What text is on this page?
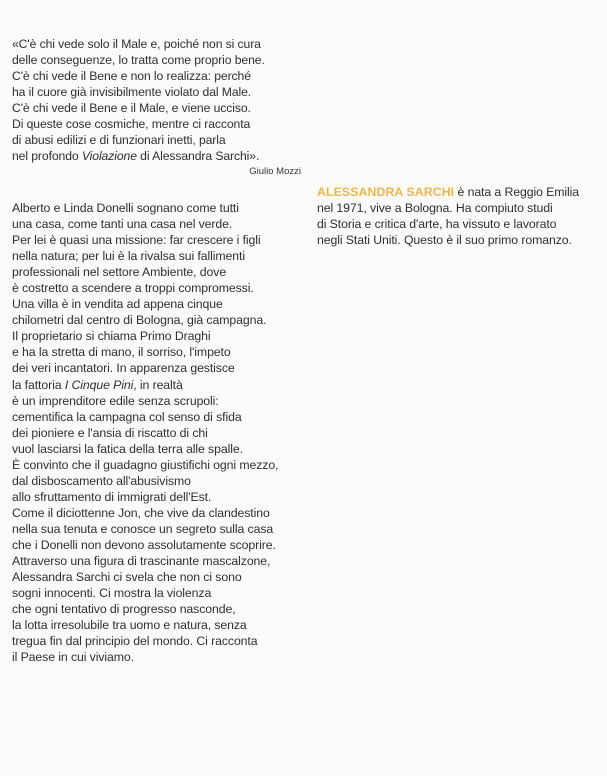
«C'è chi vede solo il Male e, poiché non si cura
delle conseguenze, lo tratta come proprio bene.
C'è chi vede il Bene e non lo realizza: perché
ha il cuore già invisibilmente violato dal Male.
C'è chi vede il Bene e il Male, e viene ucciso.
Di queste cose cosmiche, mentre ci racconta
di abusi edilizi e di funzionari inetti, parla
nel profondo Violazione di Alessandra Sarchi».
Giulio Mozzi
Alberto e Linda Donelli sognano come tutti
una casa, come tanti una casa nel verde.
Per lei è quasi una missione: far crescere i figli
nella natura; per lui è la rivalsa sui fallimenti
professionali nel settore Ambiente, dove
è costretto a scendere a troppi compromessi.
Una villa è in vendita ad appena cinque
chilometri dal centro di Bologna, già campagna.
Il proprietario si chiama Primo Draghi
e ha la stretta di mano, il sorriso, l'impeto
dei veri incantatori. In apparenza gestisce
la fattoria I Cinque Pini, in realtà
è un imprenditore edile senza scrupoli:
cementifica la campagna col senso di sfida
dei pioniere e l'ansia di riscatto di chi
vuol lasciarsi la fatica della terra alle spalle.
È convinto che il guadagno giustifichi ogni mezzo,
dal disboscamento all'abusivismo
allo sfruttamento di immigrati dell'Est.
Come il diciottenne Jon, che vive da clandestino
nella sua tenuta e conosce un segreto sulla casa
che i Donelli non devono assolutamente scoprire.
Attraverso una figura di trascinante mascalzone,
Alessandra Sarchi ci svela che non ci sono
sogni innocenti. Ci mostra la violenza
che ogni tentativo di progresso nasconde,
la lotta irresolubile tra uomo e natura, senza
tregua fin dal principio del mondo. Ci racconta
il Paese in cui viviamo.
ALESSANDRA SARCHI è nata a Reggio Emilia
nel 1971, vive a Bologna. Ha compiuto studi
di Storia e critica d'arte, ha vissuto e lavorato
negli Stati Uniti. Questo è il suo primo romanzo.
